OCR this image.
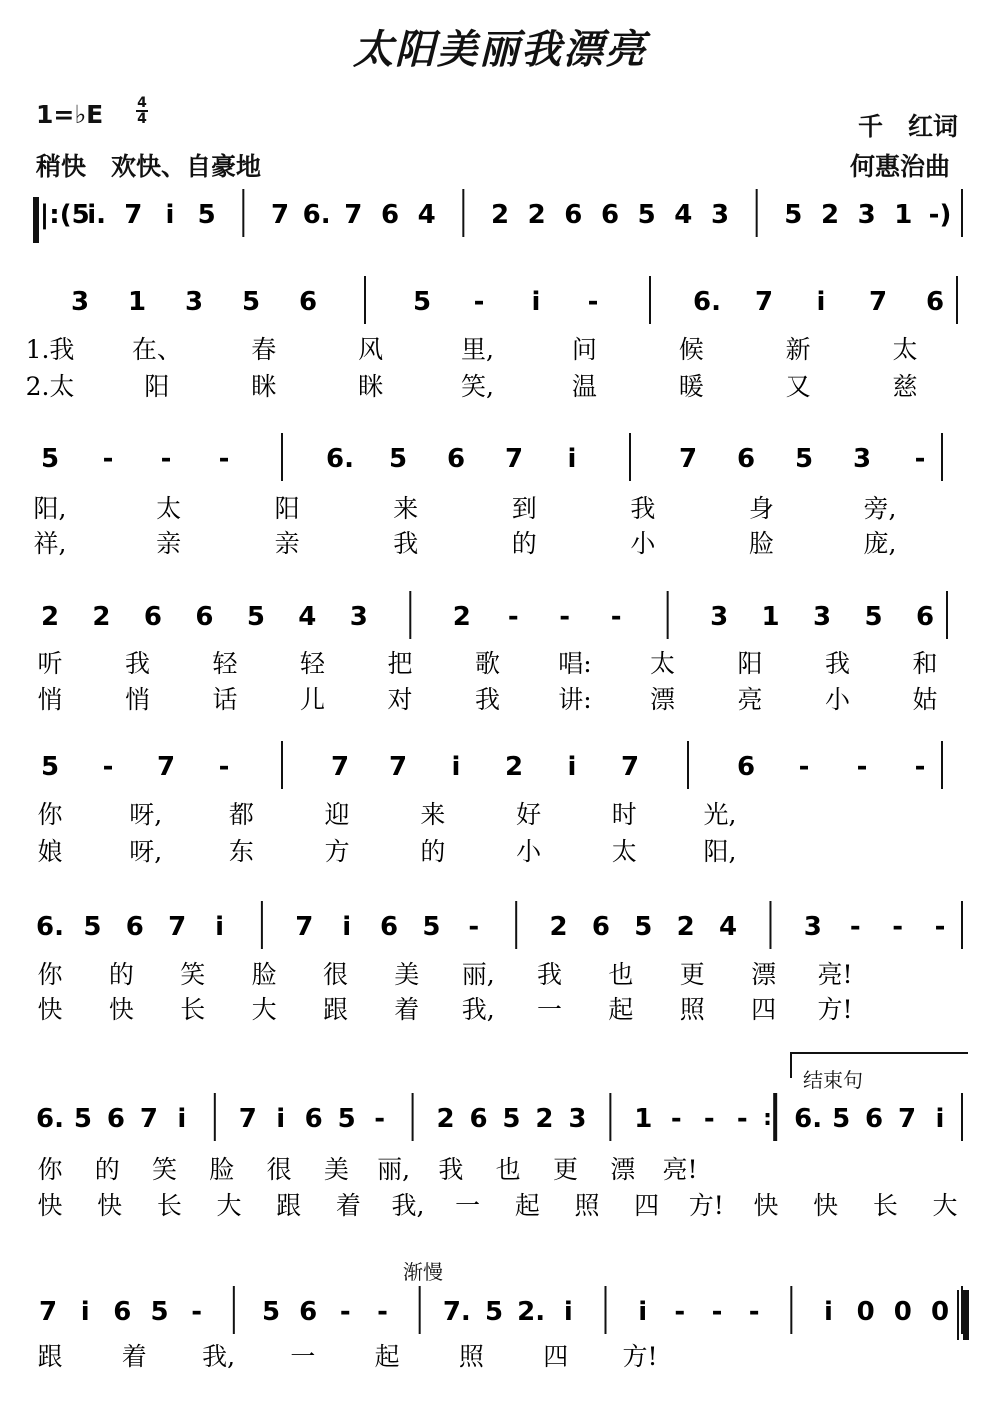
太阳美丽我漂亮
1=♭E 4
4
稍快　欢快、自豪地
千　红词
何惠治曲
结束句
渐慢
||:(5
i. 7 i 5 7 6. 7 6 4 2 2 6 6 5 4 3 5 2 3 1 -)
3 1 3 5 6	5 - i -	6. 7 i 7 6
5 - - -	6. 5 6 7 i	7 6 5 3 -
2 2 6 6 5 4 3	2 - - -	3 1 3 5 6
5 - 7 -	7 7 i 2 i 7	6 - - -
6. 5 6 7 i	7 i 6 5 -	2 6 5 2 4	3 - - -
6. 5 6 7 i 7 i 6 5 - 2 6 5 2 3 1 - - - : 6. 5 6 7 i
7 i 6 5 - 5 6 - - 7. 5 2. i	i - - - i 0 0 0
1.我 在、	春	风	里,	问	候	新	太
2.太	阳	眯	眯	笑,	温	暖	又	慈
阳,	太	阳	来	到	我	身	旁,
祥,	亲	亲	我	的	小	脸	庞,
听 我 轻 轻 把 歌 唱: 太 阳 我 和
悄 悄 话 儿 对 我 讲: 漂 亮 小 姑
你	呀,	都	迎	来	好	时	光,
娘	呀,	东	方	的	小	太	阳,
你 的 笑 脸 很 美 丽, 我 也 更 漂 亮!
快 快 长 大 跟 着 我, 一 起 照 四 方!
你 的 笑 脸 很 美 丽, 我 也 更 漂 亮!
快 快 长 大 跟 着 我, 一 起 照 四 方! 快 快 长 大
跟 着 我, 一 起 照 四 方!
